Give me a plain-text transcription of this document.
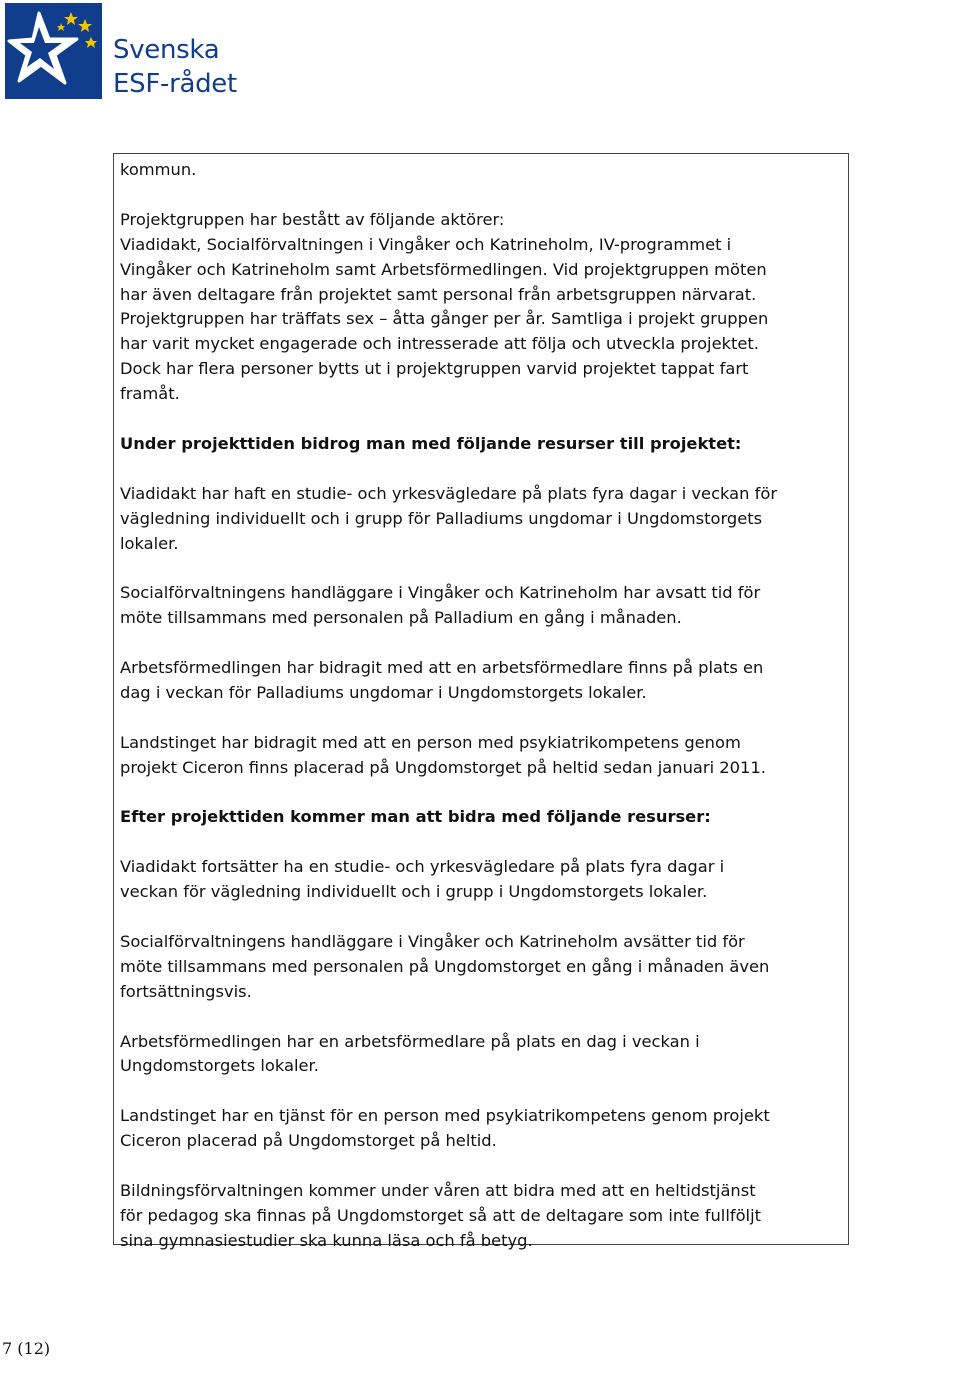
Svenska
ESF-rådet

kommun.

Projektgruppen har bestått av följande aktörer:
Viadidakt, Socialförvaltningen i Vingåker och Katrineholm, IV-programmet i
Vingåker och Katrineholm samt Arbetsförmedlingen. Vid projektgruppen möten
har även deltagare från projektet samt personal från arbetsgruppen närvarat.
Projektgruppen har träffats sex – åtta gånger per år. Samtliga i projekt gruppen
har varit mycket engagerade och intresserade att följa och utveckla projektet.
Dock har flera personer bytts ut i projektgruppen varvid projektet tappat fart
framåt.

Under projekttiden bidrog man med följande resurser till projektet:

Viadidakt har haft en studie- och yrkesvägledare på plats fyra dagar i veckan för
vägledning individuellt och i grupp för Palladiums ungdomar i Ungdomstorgets
lokaler.

Socialförvaltningens handläggare i Vingåker och Katrineholm har avsatt tid för
möte tillsammans med personalen på Palladium en gång i månaden.

Arbetsförmedlingen har bidragit med att en arbetsförmedlare finns på plats en
dag i veckan för Palladiums ungdomar i Ungdomstorgets lokaler.

Landstinget har bidragit med att en person med psykiatrikompetens genom
projekt Ciceron finns placerad på Ungdomstorget på heltid sedan januari 2011.

Efter projekttiden kommer man att bidra med följande resurser:

Viadidakt fortsätter ha en studie- och yrkesvägledare på plats fyra dagar i
veckan för vägledning individuellt och i grupp i Ungdomstorgets lokaler.

Socialförvaltningens handläggare i Vingåker och Katrineholm avsätter tid för
möte tillsammans med personalen på Ungdomstorget en gång i månaden även
fortsättningsvis.

Arbetsförmedlingen har en arbetsförmedlare på plats en dag i veckan i
Ungdomstorgets lokaler.

Landstinget har en tjänst för en person med psykiatrikompetens genom projekt
Ciceron placerad på Ungdomstorget på heltid.

Bildningsförvaltningen kommer under våren att bidra med att en heltidstjänst
för pedagog ska finnas på Ungdomstorget så att de deltagare som inte fullföljt
sina gymnasiestudier ska kunna läsa och få betyg.

7 (12)
